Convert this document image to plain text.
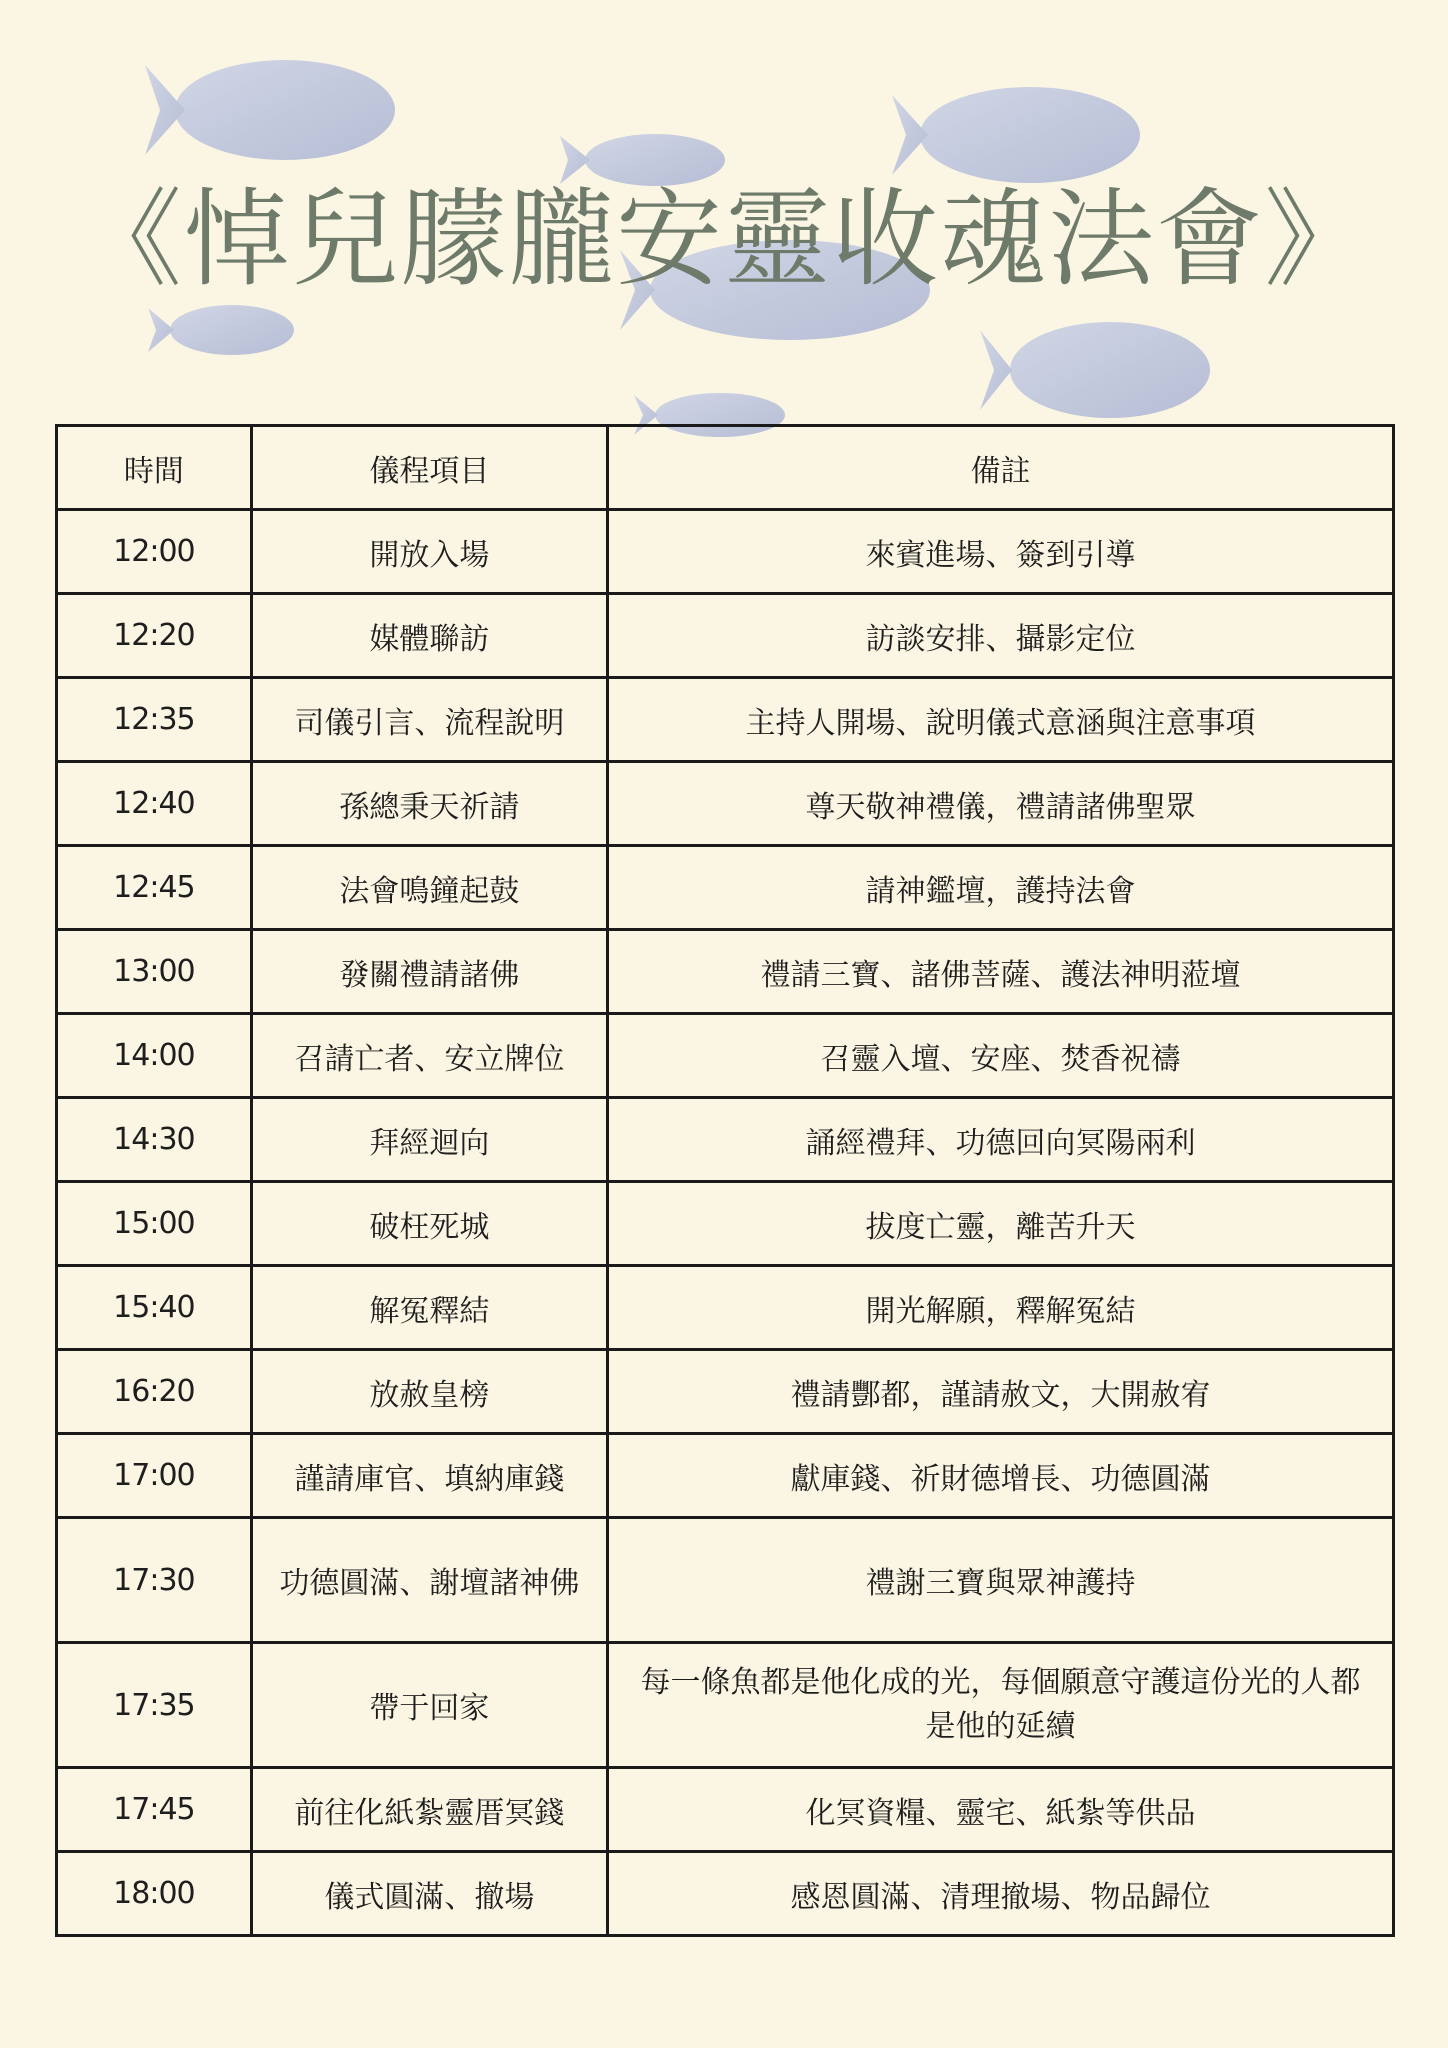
《悼兒朦朧安靈收魂法會》
時間	儀程項目	備註
12:00	開放入場	來賓進場、簽到引導
12:20	媒體聯訪	訪談安排、攝影定位
12:35	司儀引言、流程說明	主持人開場、說明儀式意涵與注意事項
12:40	孫總秉天祈請	尊天敬神禮儀，禮請諸佛聖眾
12:45	法會鳴鐘起鼓	請神鑑壇，護持法會
13:00	發關禮請諸佛	禮請三寶、諸佛菩薩、護法神明蒞壇
14:00	召請亡者、安立牌位	召靈入壇、安座、焚香祝禱
14:30	拜經迴向	誦經禮拜、功德回向冥陽兩利
15:00	破枉死城	拔度亡靈，離苦升天
15:40	解冤釋結	開光解願，釋解冤結
16:20	放赦皇榜	禮請酆都，謹請赦文，大開赦宥
17:00	謹請庫官、填納庫錢	獻庫錢、祈財德增長、功德圓滿
17:30	功德圓滿、謝壇諸神佛	禮謝三寶與眾神護持
17:35	帶于回家	每一條魚都是他化成的光，每個願意守護這份光的人都是他的延續
17:45	前往化紙紮靈厝冥錢	化冥資糧、靈宅、紙紮等供品
18:00	儀式圓滿、撤場	感恩圓滿、清理撤場、物品歸位
